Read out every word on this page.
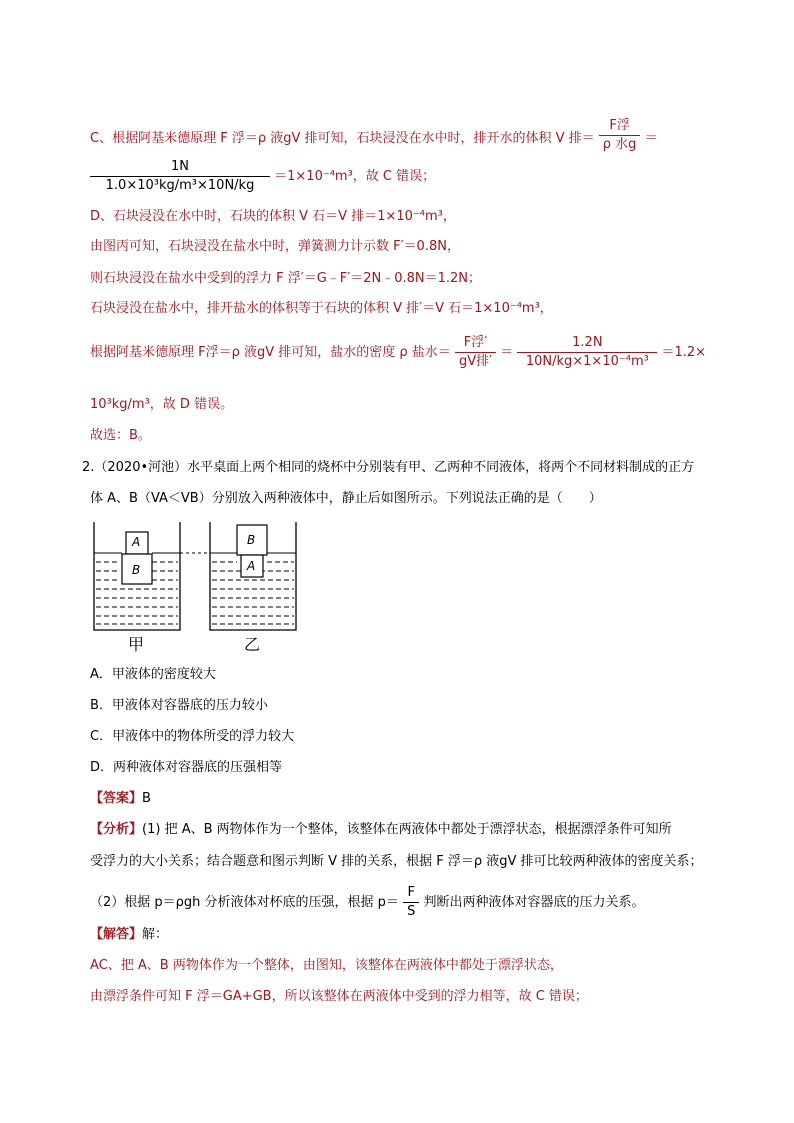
C、根据阿基米德原理 F 浮＝ρ 液gV 排可知，石块浸没在水中时，排开水的体积 V 排＝ $\frac{\text{F浮}}{\text{ρ 水g}}$ ＝
$\frac{1N}{\text{1.0×10³kg/m³×10N/kg}} =1\times 10^{-4}m^3$，故 C 错误；
D、石块浸没在水中时，石块的体积 V 石＝V 排＝1×10⁻⁴m³，
由图丙可知，石块浸没在盐水中时，弹簧测力计示数 F′＝0.8N，
则石块浸没在盐水中受到的浮力 F 浮′＝G﹣F′＝2N﹣0.8N＝1.2N；
石块浸没在盐水中，排开盐水的体积等于石块的体积 V 排′＝V 石＝1×10⁻⁴m³，
根据阿基米德原理 F浮＝ρ 液gV 排可知，盐水的密度 ρ 盐水＝ $\frac{\text{F浮′}}{\text{gV排′}} = \frac{1.2N}{\text{10N/kg×1×10⁻⁴m³}} =1.2\times$
10³kg/m³，故 D 错误。
故选：B。
2.（2020•河池）水平桌面上两个相同的烧杯中分别装有甲、乙两种不同液体，将两个不同材料制成的正方
体 A、B（VA＜VB）分别放入两种液体中，静止后如图所示。下列说法正确的是（　　）
A
B
B
A
甲	乙
A．甲液体的密度较大
B．甲液体对容器底的压力较小
C．甲液体中的物体所受的浮力较大
D．两种液体对容器底的压强相等
【答案】B
【分析】(1) 把 A、B 两物体作为一个整体，该整体在两液体中都处于漂浮状态，根据漂浮条件可知所
受浮力的大小关系；结合题意和图示判断 V 排的关系，根据 F 浮＝ρ 液gV 排可比较两种液体的密度关系；
（2）根据 p＝ρgh 分析液体对杯底的压强，根据 $p= \frac{F}{S}$ 判断出两种液体对容器底的压力关系。
【解答】解：
AC、把 A、B 两物体作为一个整体，由图知，该整体在两液体中都处于漂浮状态，
由漂浮条件可知 F 浮＝GA+GB，所以该整体在两液体中受到的浮力相等，故 C 错误；
